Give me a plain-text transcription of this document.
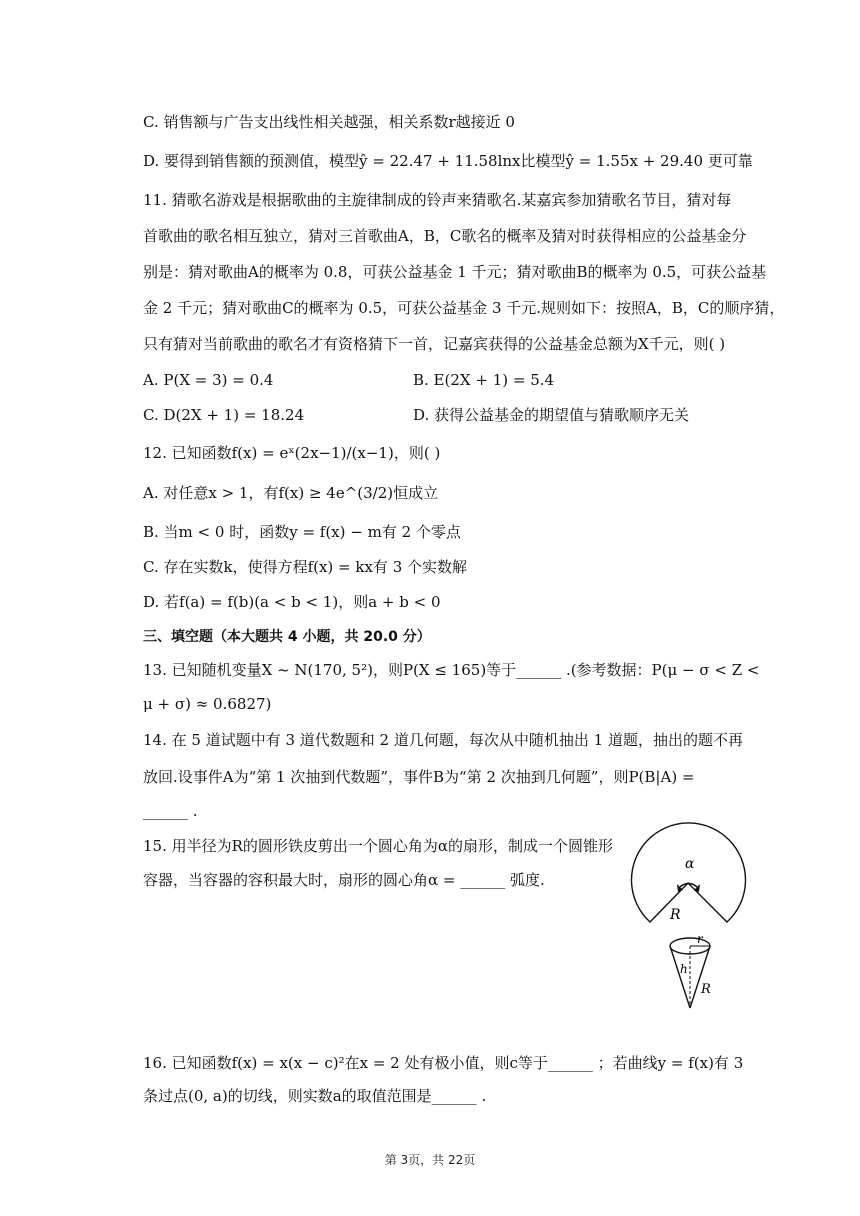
C. 销售额与广告支出线性相关越强，相关系数r越接近 0
D. 要得到销售额的预测值，模型ŷ = 22.47 + 11.58lnx比模型ŷ = 1.55x + 29.40 更可靠
11. 猜歌名游戏是根据歌曲的主旋律制成的铃声来猜歌名.某嘉宾参加猜歌名节目，猜对每
首歌曲的歌名相互独立，猜对三首歌曲A，B，C歌名的概率及猜对时获得相应的公益基金分
别是：猜对歌曲A的概率为 0.8，可获公益基金 1 千元；猜对歌曲B的概率为 0.5，可获公益基
金 2 千元；猜对歌曲C的概率为 0.5，可获公益基金 3 千元.规则如下：按照A，B，C的顺序猜，
只有猜对当前歌曲的歌名才有资格猜下一首，记嘉宾获得的公益基金总额为X千元，则( )
A. P(X = 3) = 0.4	B. E(2X + 1) = 5.4
C. D(2X + 1) = 18.24	D. 获得公益基金的期望值与猜歌顺序无关
12. 已知函数f(x) = eˣ(2x−1)/(x−1)，则( )
A. 对任意x > 1，有f(x) ≥ 4e^(3/2)恒成立
B. 当m < 0 时，函数y = f(x) − m有 2 个零点
C. 存在实数k，使得方程f(x) = kx有 3 个实数解
D. 若f(a) = f(b)(a < b < 1)，则a + b < 0
三、填空题（本大题共 4 小题，共 20.0 分）
13. 已知随机变量X ~ N(170, 5²)，则P(X ≤ 165)等于______ .(参考数据：P(μ − σ < Z <
μ + σ) ≈ 0.6827)
14. 在 5 道试题中有 3 道代数题和 2 道几何题，每次从中随机抽出 1 道题，抽出的题不再
放回.设事件A为“第 1 次抽到代数题”，事件B为“第 2 次抽到几何题”，则P(B|A) =
______ .
15. 用半径为R的圆形铁皮剪出一个圆心角为α的扇形，制成一个圆锥形
容器，当容器的容积最大时，扇形的圆心角α = ______ 弧度.
α
R
r
h
R
16. 已知函数f(x) = x(x − c)²在x = 2 处有极小值，则c等于______ ；若曲线y = f(x)有 3
条过点(0, a)的切线，则实数a的取值范围是______ .
第 3页，共 22页
